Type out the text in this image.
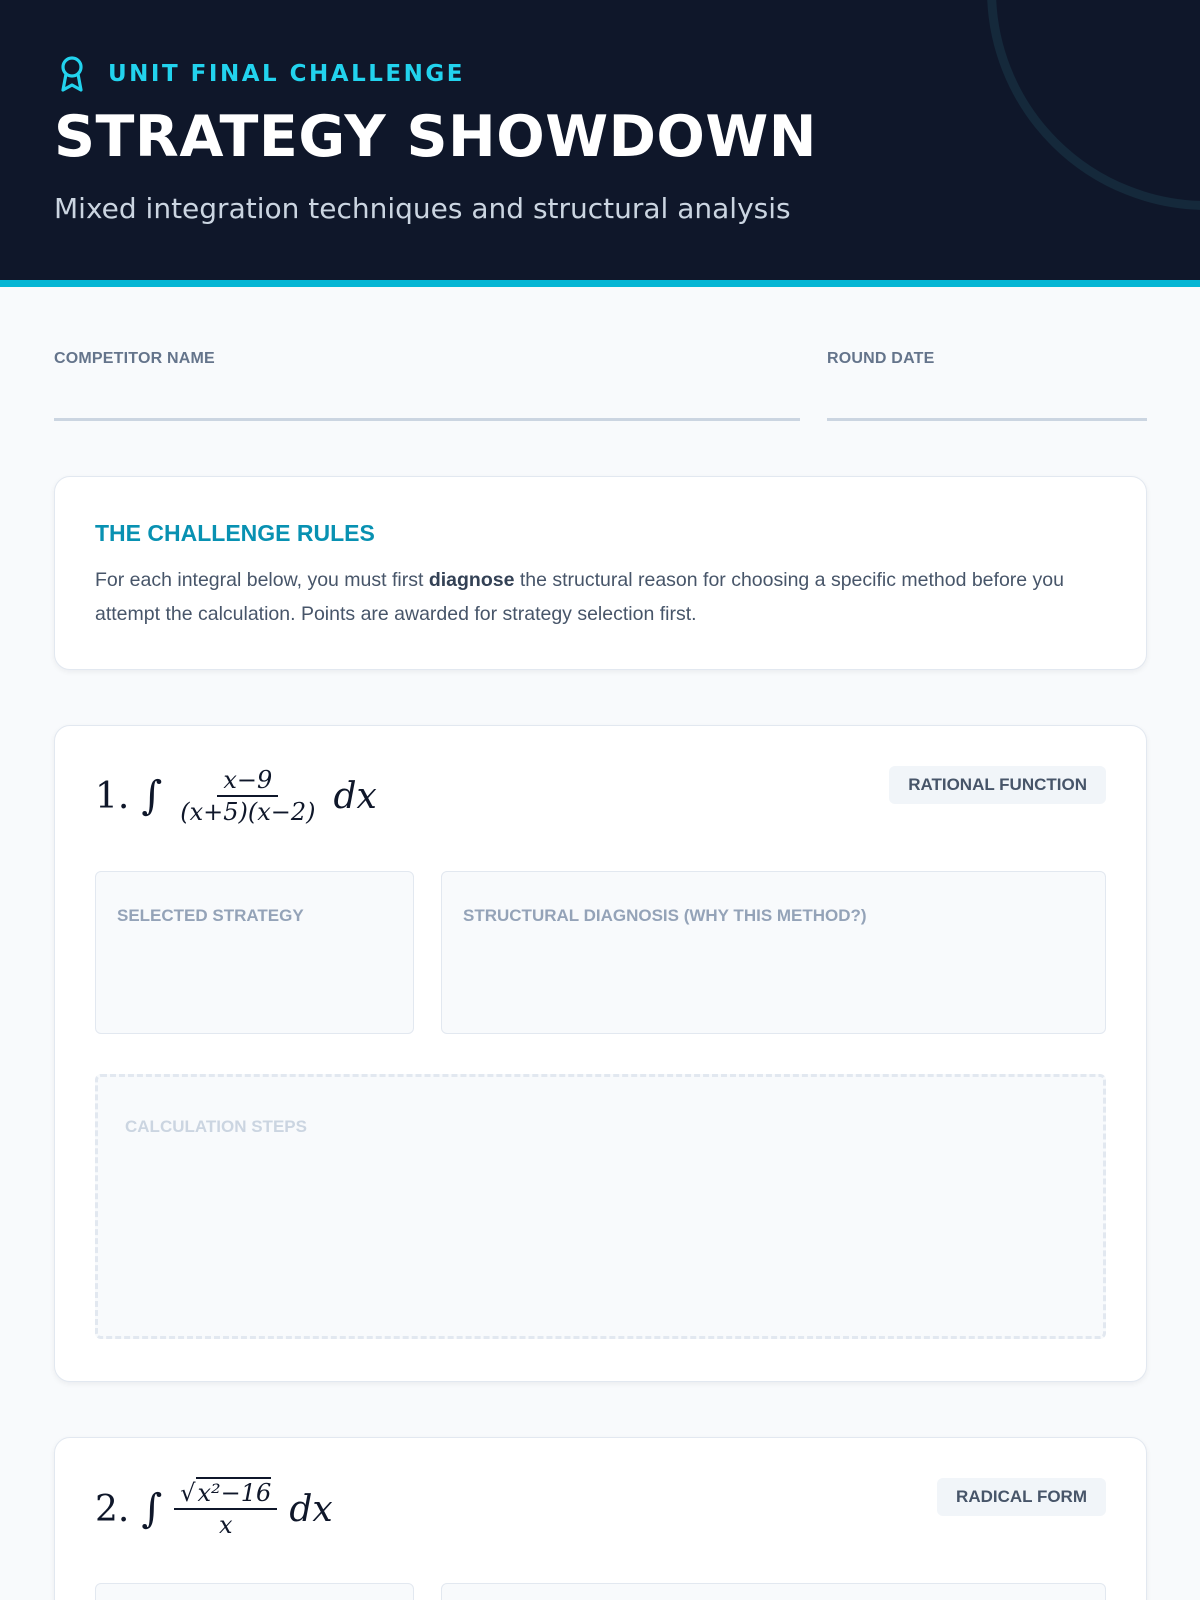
UNIT FINAL CHALLENGE
STRATEGY SHOWDOWN
Mixed integration techniques and structural analysis
COMPETITOR NAME	ROUND DATE
THE CHALLENGE RULES
For each integral below, you must first diagnose the structural reason for choosing a specific method before you attempt the calculation. Points are awarded for strategy selection first.
1. ∫ $\frac{x-9}{(x+5)(x-2)}$ dx	RATIONAL FUNCTION
SELECTED STRATEGY	STRUCTURAL DIAGNOSIS (WHY THIS METHOD?)
CALCULATION STEPS
2. ∫ $\frac{\text{√x²−16}}{x}$ dx	RADICAL FORM
